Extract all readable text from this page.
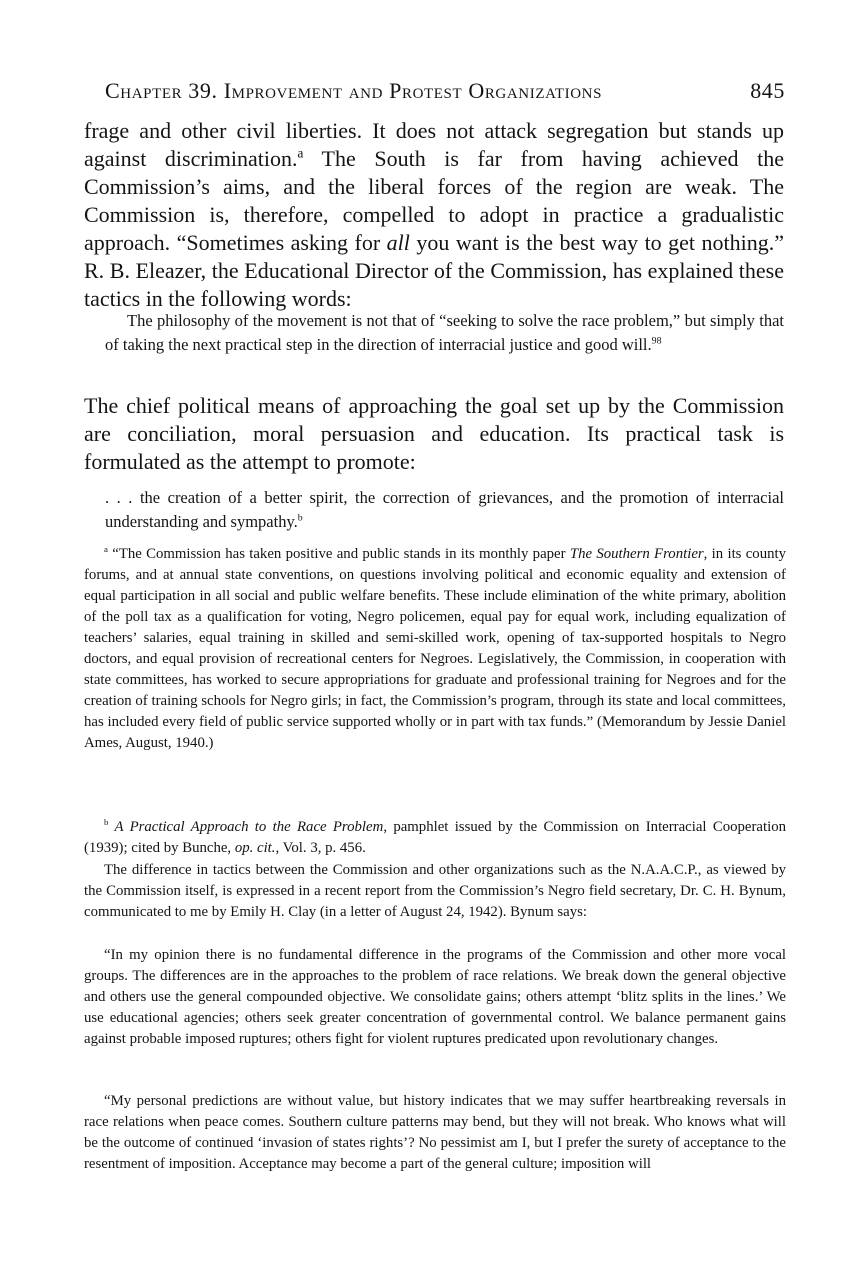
Chapter 39. Improvement and Protest Organizations	845

frage and other civil liberties. It does not attack segregation but stands up against discrimination.$^a$ The South is far from having achieved the Commission’s aims, and the liberal forces of the region are weak. The Commission is, therefore, compelled to adopt in practice a gradualistic approach. “Sometimes asking for all you want is the best way to get nothing.” R. B. Eleazer, the Educational Director of the Commission, has explained these tactics in the following words:

The philosophy of the movement is not that of “seeking to solve the race problem,” but simply that of taking the next practical step in the direction of interracial justice and good will.$^{98}$

The chief political means of approaching the goal set up by the Commission are conciliation, moral persuasion and education. Its practical task is formulated as the attempt to promote:

. . . the creation of a better spirit, the correction of grievances, and the promotion of interracial understanding and sympathy.$^b$

$^a$ “The Commission has taken positive and public stands in its monthly paper The Southern Frontier, in its county forums, and at annual state conventions, on questions involving political and economic equality and extension of equal participation in all social and public welfare benefits. These include elimination of the white primary, abolition of the poll tax as a qualification for voting, Negro policemen, equal pay for equal work, including equalization of teachers’ salaries, equal training in skilled and semi-skilled work, opening of tax-supported hospitals to Negro doctors, and equal provision of recreational centers for Negroes. Legislatively, the Commission, in cooperation with state committees, has worked to secure appropriations for graduate and professional training for Negroes and for the creation of training schools for Negro girls; in fact, the Commission’s program, through its state and local committees, has included every field of public service supported wholly or in part with tax funds.” (Memorandum by Jessie Daniel Ames, August, 1940.)

$^b$ A Practical Approach to the Race Problem, pamphlet issued by the Commission on Interracial Cooperation (1939); cited by Bunche, op. cit., Vol. 3, p. 456.

The difference in tactics between the Commission and other organizations such as the N.A.A.C.P., as viewed by the Commission itself, is expressed in a recent report from the Commission’s Negro field secretary, Dr. C. H. Bynum, communicated to me by Emily H. Clay (in a letter of August 24, 1942). Bynum says:

“In my opinion there is no fundamental difference in the programs of the Commission and other more vocal groups. The differences are in the approaches to the problem of race relations. We break down the general objective and others use the general compounded objective. We consolidate gains; others attempt ‘blitz splits in the lines.’ We use educational agencies; others seek greater concentration of governmental control. We balance permanent gains against probable imposed ruptures; others fight for violent ruptures predicated upon revolutionary changes.

“My personal predictions are without value, but history indicates that we may suffer heartbreaking reversals in race relations when peace comes. Southern culture patterns may bend, but they will not break. Who knows what will be the outcome of continued ‘invasion of states rights’? No pessimist am I, but I prefer the surety of acceptance to the resentment of imposition. Acceptance may become a part of the general culture; imposition will
